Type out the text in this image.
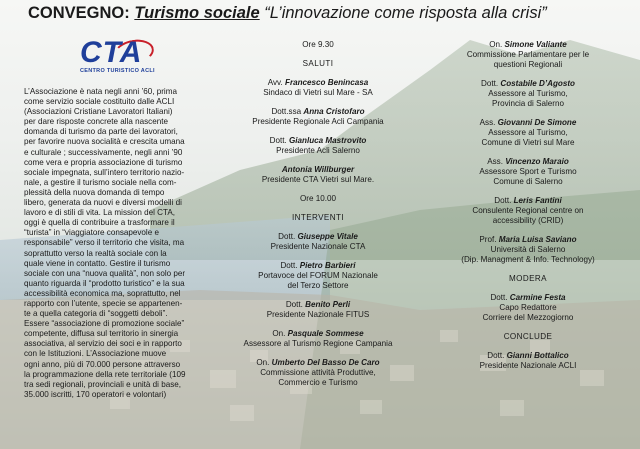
CONVEGNO: Turismo sociale “L’innovazione come risposta alla crisi”
CTA
CENTRO TURISTICO ACLI

L’Associazione è nata negli anni ’60, prima

come servizio sociale costituito dalle ACLI

(Associazioni Cristiane Lavoratori Italiani)

per dare risposte concrete alla nascente

domanda di turismo da parte dei lavoratori,

per favorire nuova socialità e crescita umana

e culturale ; successivamente, negli anni ’90

come vera e propria associazione di turismo

sociale impegnata, sull’intero territorio nazio-

nale, a gestire il turismo sociale nella com-

plessità della nuova domanda di tempo

libero, generata da nuovi e diversi modelli di

lavoro e di stili di vita. La mission del CTA,

oggi è quella di contribuire a trasformare il

“turista” in “viaggiatore consapevole e

responsabile” verso il territorio che visita, ma

soprattutto verso la realtà sociale con la

quale viene in contatto. Gestire il turismo

sociale con una “nuova qualità”, non solo per

quanto riguarda il “prodotto turistico” e la sua

accessibilità economica ma, soprattutto, nel

rapporto con l’utente, specie se appartenen-

te a quella categoria di “soggetti deboli”.

Essere “associazione di promozione sociale”

competente, diffusa sul territorio in sinergia

associativa, al servizio dei soci e in rapporto

con le Istituzioni. L’Associazione muove

ogni anno, più di 70.000 persone attraverso

la programmazione della rete territoriale (109

tra sedi regionali, provinciali e unità di base,

35.000 iscritti, 170 operatori e volontari)

Ore 9.30
SALUTI
Avv. Francesco Benincasa
Sindaco di Vietri sul Mare - SA
Dott.ssa Anna Cristofaro
Presidente Regionale Acli Campania
Dott. Gianluca Mastrovito
Presidente Acli Salerno
Antonia Willburger
Presidente CTA Vietri sul Mare.
Ore 10.00
INTERVENTI
Dott. Giuseppe Vitale
Presidente Nazionale CTA
Dott. Pietro Barbieri
Portavoce del FORUM Nazionale
del Terzo Settore
Dott. Benito Perli
Presidente Nazionale FITUS
On. Pasquale Sommese
Assessore al Turismo Regione Campania
On. Umberto Del Basso De Caro
Commissione attività Produttive,
Commercio e Turismo
On. Simone Valiante
Commissione Parlamentare per le
questioni Regionali
Dott. Costabile D’Agosto
Assessore al Turismo,
Provincia di Salerno
Ass. Giovanni De Simone
Assessore al Turismo,
Comune di Vietri sul Mare
Ass. Vincenzo Maraio
Assessore Sport e Turismo
Comune di Salerno
Dott. Leris Fantini
Consulente Regional centre on
accessibility (CRID)
Prof. Maria Luisa Saviano
Università di Salerno
(Dip. Managment & Info. Technology)
MODERA
Dott. Carmine Festa
Capo Redattore
Corriere del Mezzogiorno
CONCLUDE
Dott. Gianni Bottalico
Presidente Nazionale ACLI
